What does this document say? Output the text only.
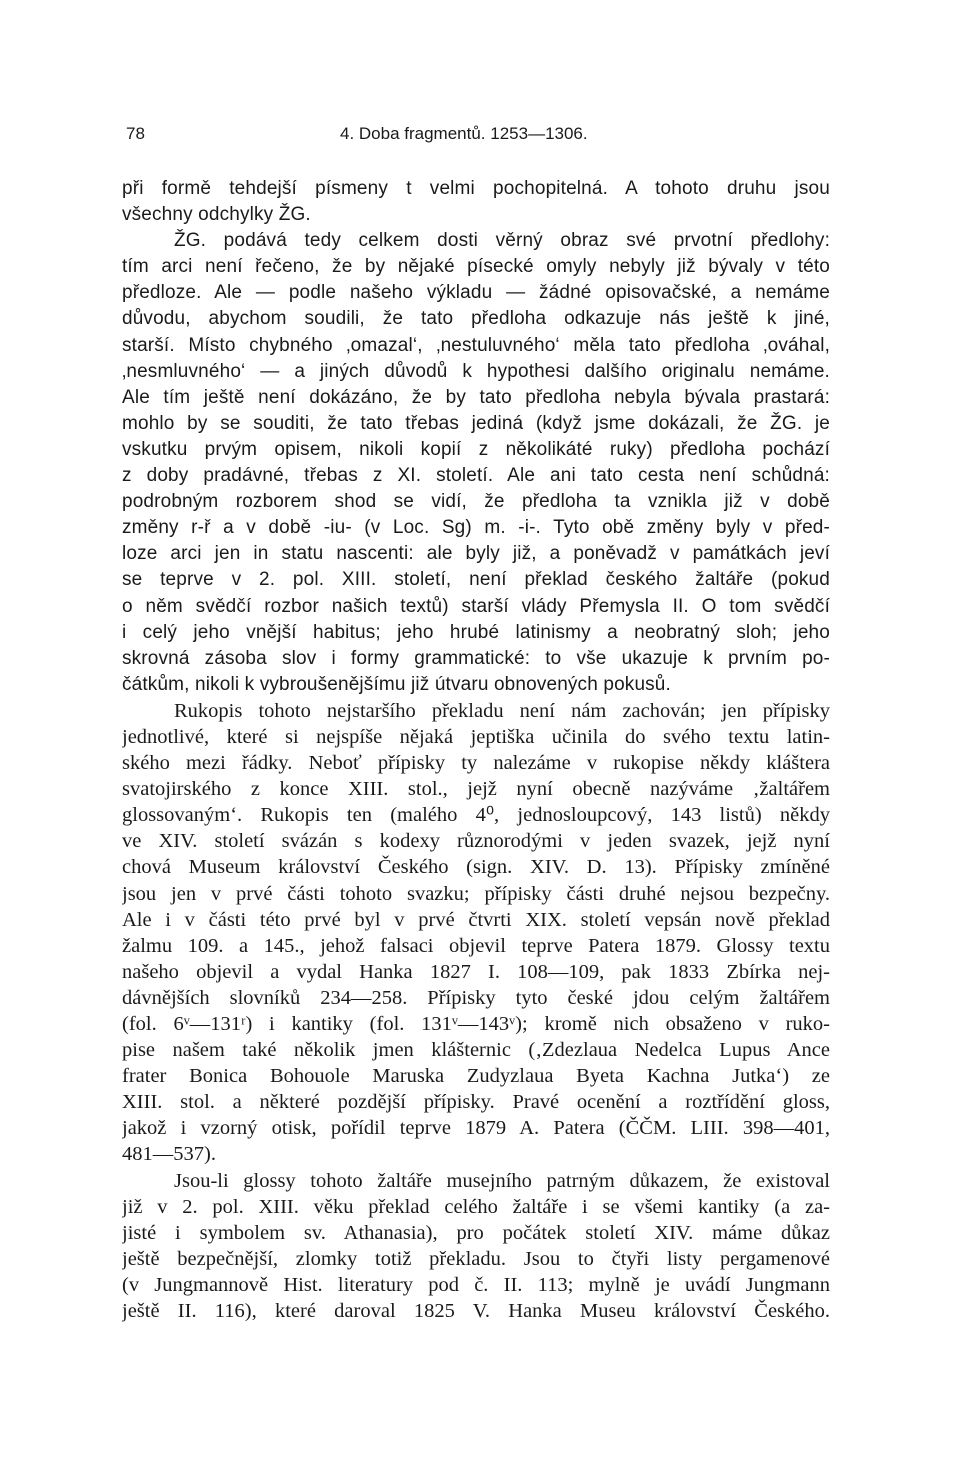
78	4. Doba fragmentů. 1253—1306.
při formě tehdejší písmeny t velmi pochopitelná. A tohoto druhu jsou
všechny odchylky ŽG.
ŽG. podává tedy celkem dosti věrný obraz své prvotní předlohy:
tím arci není řečeno, že by nějaké písecké omyly nebyly již bývaly v této
předloze. Ale — podle našeho výkladu — žádné opisovačské, a nemáme
důvodu, abychom soudili, že tato předloha odkazuje nás ještě k jiné,
starší. Místo chybného ‚omazal‘, ‚nestuluvného‘ měla tato předloha ‚ováhal,
‚nesmluvného‘ — a jiných důvodů k hypothesi dalšího originalu nemáme.
Ale tím ještě není dokázáno, že by tato předloha nebyla bývala prastará:
mohlo by se souditi, že tato třebas jediná (když jsme dokázali, že ŽG. je
vskutku prvým opisem, nikoli kopií z několikáté ruky) předloha pochází
z doby pradávné, třebas z XI. století. Ale ani tato cesta není schůdná:
podrobným rozborem shod se vidí, že předloha ta vznikla již v době
změny r-ř a v době -iu- (v Loc. Sg) m. -i-. Tyto obě změny byly v před-
loze arci jen in statu nascenti: ale byly již, a poněvadž v památkách jeví
se teprve v 2. pol. XIII. století, není překlad českého žaltáře (pokud
o něm svědčí rozbor našich textů) starší vlády Přemysla II. O tom svědčí
i celý jeho vnější habitus; jeho hrubé latinismy a neobratný sloh; jeho
skrovná zásoba slov i formy grammatické: to vše ukazuje k prvním po-
čátkům, nikoli k vybroušenějšímu již útvaru obnovených pokusů.
Rukopis tohoto nejstaršího překladu není nám zachován; jen přípisky
jednotlivé, které si nejspíše nějaká jeptiška učinila do svého textu latin-
ského mezi řádky. Neboť přípisky ty nalezáme v rukopise někdy kláštera
svatojirského z konce XIII. stol., jejž nyní obecně nazýváme ‚žaltářem
glossovaným‘. Rukopis ten (malého 4⁰, jednosloupcový, 143 listů) někdy
ve XIV. století svázán s kodexy různorodými v jeden svazek, jejž nyní
chová Museum království Českého (sign. XIV. D. 13). Přípisky zmíněné
jsou jen v prvé části tohoto svazku; přípisky části druhé nejsou bezpečny.
Ale i v části této prvé byl v prvé čtvrti XIX. století vepsán nově překlad
žalmu 109. a 145., jehož falsaci objevil teprve Patera 1879. Glossy textu
našeho objevil a vydal Hanka 1827 I. 108—109, pak 1833 Zbírka nej-
dávnějších slovníků 234—258. Přípisky tyto české jdou celým žaltářem
(fol. 6ᵛ—131ʳ) i kantiky (fol. 131ᵛ—143ᵛ); kromě nich obsaženo v ruko-
pise našem také několik jmen klášternic (‚Zdezlaua Nedelca Lupus Ance
frater Bonica Bohouole Maruska Zudyzlaua Byeta Kachna Jutka‘) ze
XIII. stol. a některé pozdější přípisky. Pravé ocenění a roztřídění gloss,
jakož i vzorný otisk, pořídil teprve 1879 A. Patera (ČČM. LIII. 398—401,
481—537).
Jsou-li glossy tohoto žaltáře musejního patrným důkazem, že existoval
již v 2. pol. XIII. věku překlad celého žaltáře i se všemi kantiky (a za-
jisté i symbolem sv. Athanasia), pro počátek století XIV. máme důkaz
ještě bezpečnější, zlomky totiž překladu. Jsou to čtyři listy pergamenové
(v Jungmannově Hist. literatury pod č. II. 113; mylně je uvádí Jungmann
ještě II. 116), které daroval 1825 V. Hanka Museu království Českého.
